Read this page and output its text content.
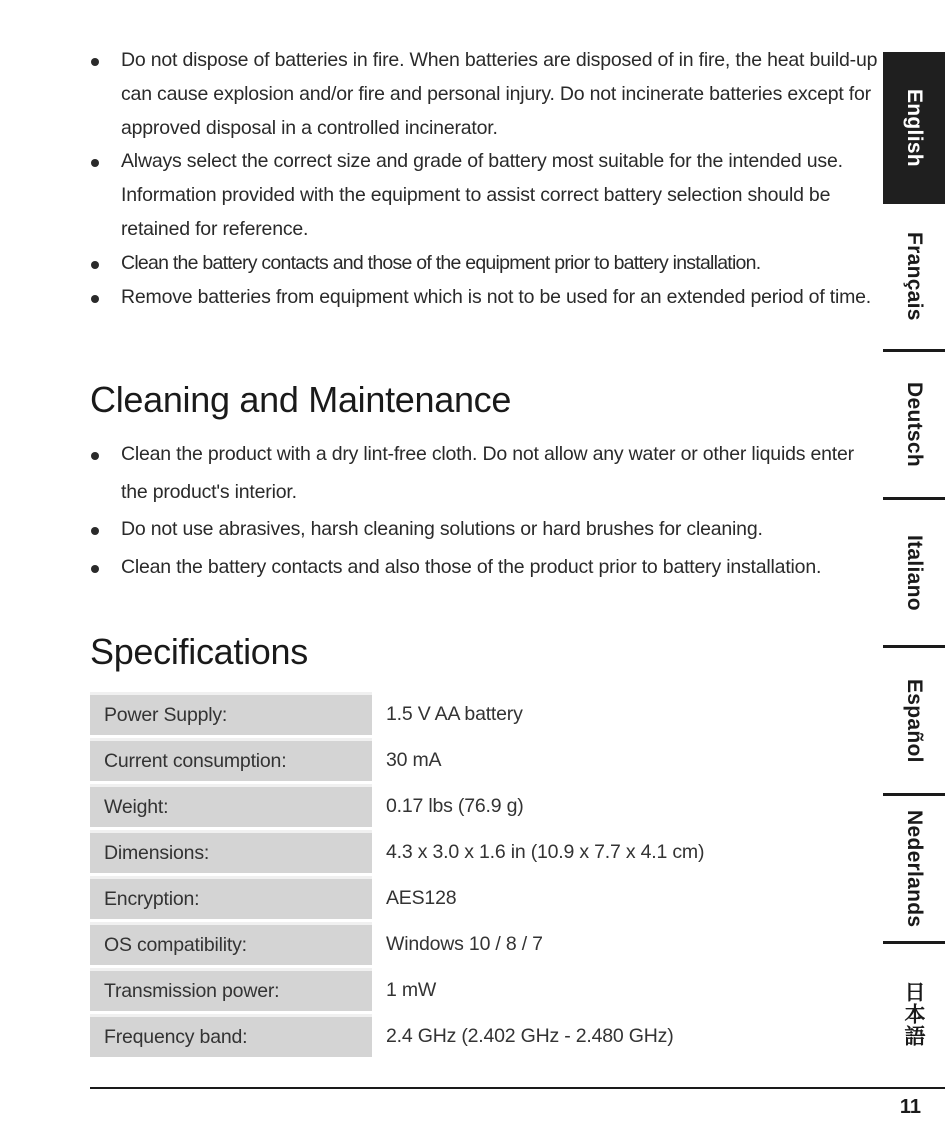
Do not dispose of batteries in fire. When batteries are disposed of in fire, the heat build-up can cause explosion and/or fire and personal injury. Do not incinerate batteries except for approved disposal in a controlled incinerator.
Always select the correct size and grade of battery most suitable for the intended use. Information provided with the equipment to assist correct battery selection should be retained for reference.
Clean the battery contacts and those of the equipment prior to battery installation.
Remove batteries from equipment which is not to be used for an extended period of time.
Cleaning and Maintenance
Clean the product with a dry lint-free cloth. Do not allow any water or other liquids enter the product's interior.
Do not use abrasives, harsh cleaning solutions or hard brushes for cleaning.
Clean the battery contacts and also those of the product prior to battery installation.
Specifications
Power Supply:	1.5 V AA battery
Current consumption:	30 mA
Weight:	0.17 lbs (76.9 g)
Dimensions:	4.3 x 3.0 x 1.6 in (10.9 x 7.7 x 4.1 cm)
Encryption:	AES128
OS compatibility:	Windows 10 / 8 / 7
Transmission power:	1 mW
Frequency band:	2.4 GHz (2.402 GHz - 2.480 GHz)
English
Français
Deutsch
Italiano
Español
Nederlands
日本語
11
